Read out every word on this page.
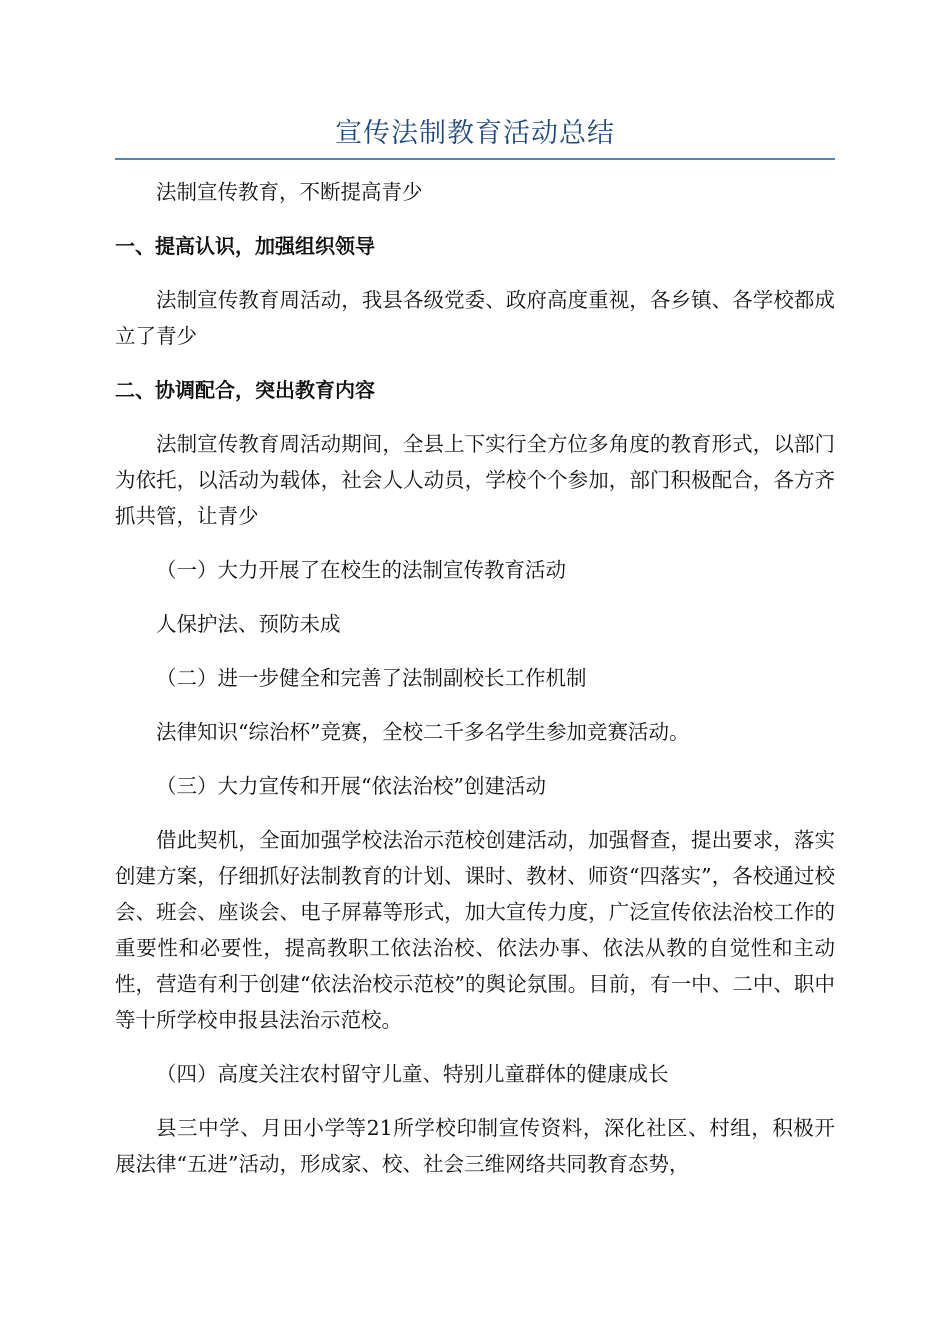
宣传法制教育活动总结

法制宣传教育，不断提高青少

一、提高认识，加强组织领导

法制宣传教育周活动，我县各级党委、政府高度重视，各乡镇、各学校都成立了青少

二、协调配合，突出教育内容

法制宣传教育周活动期间，全县上下实行全方位多角度的教育形式，以部门为依托，以活动为载体，社会人人动员，学校个个参加，部门积极配合，各方齐抓共管，让青少

（一）大力开展了在校生的法制宣传教育活动

人保护法、预防未成

（二）进一步健全和完善了法制副校长工作机制

法律知识“综治杯”竞赛，全校二千多名学生参加竞赛活动。

（三）大力宣传和开展“依法治校”创建活动

借此契机，全面加强学校法治示范校创建活动，加强督查，提出要求，落实创建方案，仔细抓好法制教育的计划、课时、教材、师资“四落实”，各校通过校会、班会、座谈会、电子屏幕等形式，加大宣传力度，广泛宣传依法治校工作的重要性和必要性，提高教职工依法治校、依法办事、依法从教的自觉性和主动性，营造有利于创建“依法治校示范校”的舆论氛围。目前，有一中、二中、职中等十所学校申报县法治示范校。

（四）高度关注农村留守儿童、特别儿童群体的健康成长

县三中学、月田小学等21所学校印制宣传资料，深化社区、村组，积极开展法律“五进”活动，形成家、校、社会三维网络共同教育态势，
